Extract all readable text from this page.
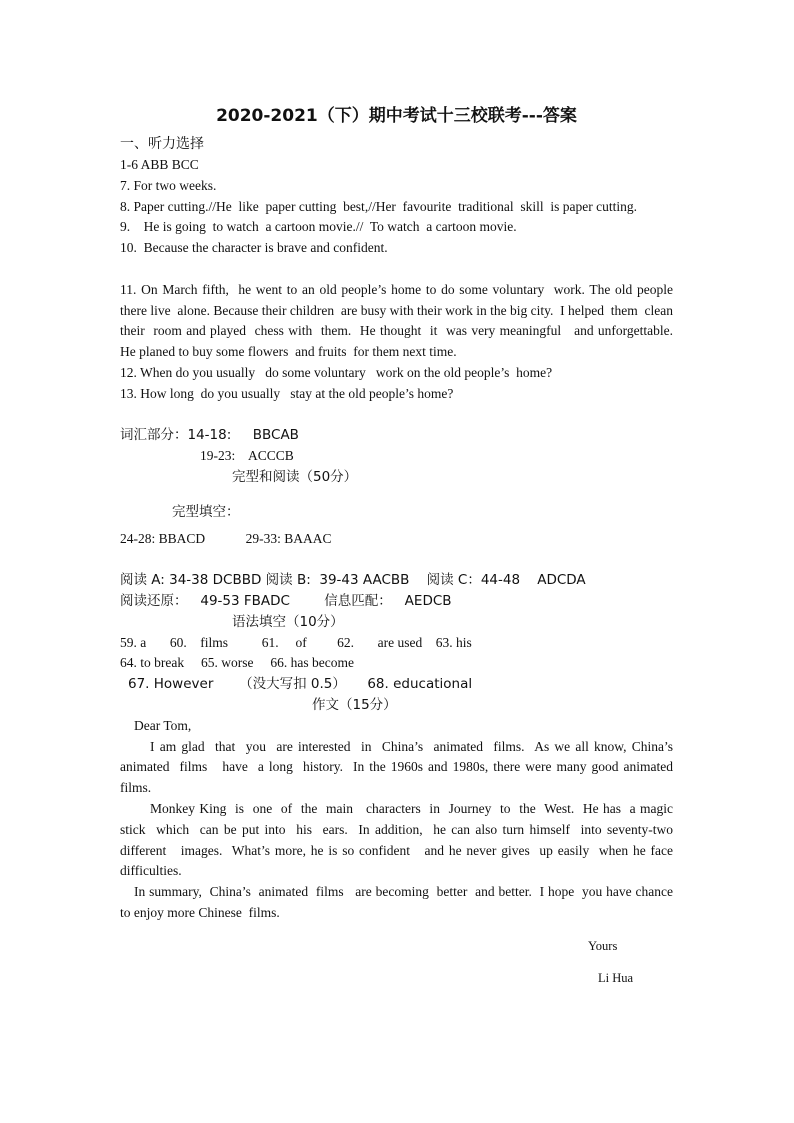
2020-2021（下）期中考试十三校联考---答案
一、听力选择

1-6 ABB BCC

7. For two weeks.

8. Paper cutting.//He  like  paper cutting  best,//Her  favourite  traditional  skill  is paper cutting.

9.    He is going  to watch  a cartoon movie.//  To watch  a cartoon movie.

10.  Because the character is brave and confident.

11. On March fifth,  he went to an old people’s home to do some voluntary  work. The old people there live  alone. Because their children  are busy with their work in the big city.  I helped  them  clean their  room and played  chess with  them.  He thought  it  was very meaningful   and unforgettable.  He planed to buy some flowers  and fruits  for them next time.

12. When do you usually   do some voluntary   work on the old people’s  home?

13. How long  do you usually   stay at the old people’s home?

词汇部分：14-18:     BBCAB

19-23:    ACCCB

完型和阅读（50分）

完型填空：

24-28: BBACD            29-33: BAAAC

阅读 A: 34-38 DCBBD 阅读 B:  39-43 AACBB    阅读 C：44-48    ADCDA

阅读还原：   49-53 FBADC        信息匹配：   AEDCB

语法填空（10分）

59. a       60.    films          61.     of         62.       are used    63. his

64. to break     65. worse     66. has become

67. However      （没大写扣 0.5）     68. educational

作文（15分）

Dear Tom,

I am glad  that  you  are interested  in  China’s  animated  films.  As we all know, China’s  animated  films   have  a long  history.  In the 1960s and 1980s, there were many good animated  films.

Monkey King  is  one  of  the  main   characters  in  Journey  to  the  West.  He has  a magic  stick  which  can be put into  his  ears.  In addition,  he can also turn himself  into seventy-two  different   images.  What’s more, he is so confident   and he never gives  up easily  when he face  difficulties.

In summary,  China’s  animated  films   are becoming  better  and better.  I hope  you have chance  to enjoy more Chinese  films.

Yours

Li Hua
